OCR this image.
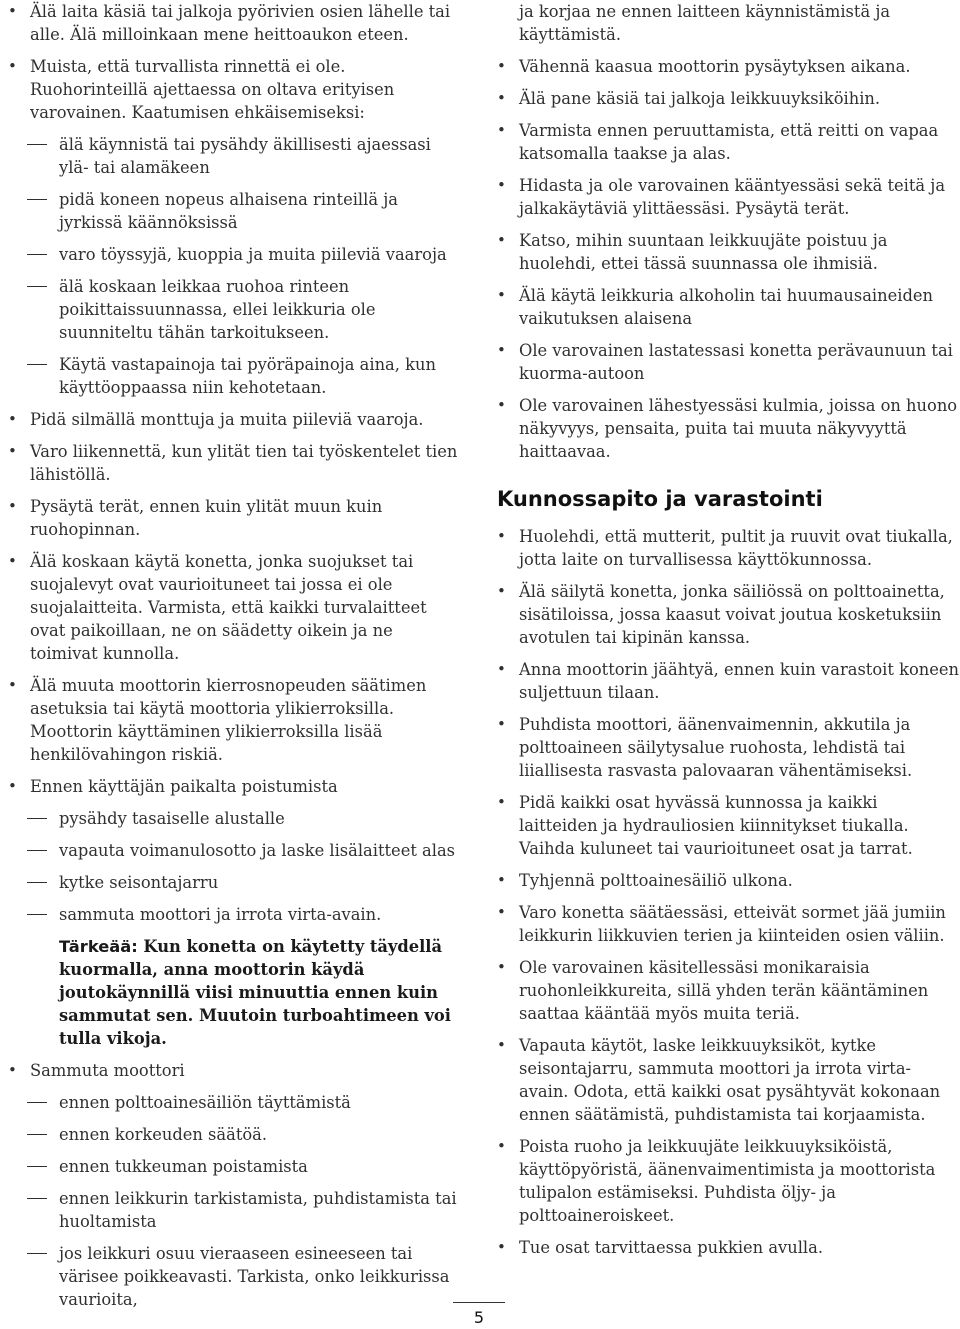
• Älä laita käsiä tai jalkoja pyörivien osien lähelle tai alle. Älä milloinkaan mene heittoaukon eteen.
• Muista, että turvallista rinnettä ei ole. Ruohorinteillä ajettaessa on oltava erityisen varovainen. Kaatumisen ehkäisemiseksi:
älä käynnistä tai pysähdy äkillisesti ajaessasi ylä- tai alamäkeen
pidä koneen nopeus alhaisena rinteillä ja jyrkissä käännöksissä
varo töyssyjä, kuoppia ja muita piileviä vaaroja
älä koskaan leikkaa ruohoa rinteen poikittaissuunnassa, ellei leikkuria ole suunniteltu tähän tarkoitukseen.
Käytä vastapainoja tai pyöräpainoja aina, kun käyttöoppaassa niin kehotetaan.
• Pidä silmällä monttuja ja muita piileviä vaaroja.
• Varo liikennettä, kun ylität tien tai työskentelet tien lähistöllä.
• Pysäytä terät, ennen kuin ylität muun kuin ruohopinnan.
• Älä koskaan käytä konetta, jonka suojukset tai suojalevyt ovat vaurioituneet tai jossa ei ole suojalaitteita. Varmista, että kaikki turvalaitteet ovat paikoillaan, ne on säädetty oikein ja ne toimivat kunnolla.
• Älä muuta moottorin kierrosnopeuden säätimen asetuksia tai käytä moottoria ylikierroksilla. Moottorin käyttäminen ylikierroksilla lisää henkilövahingon riskiä.
• Ennen käyttäjän paikalta poistumista
pysähdy tasaiselle alustalle
vapauta voimanulosotto ja laske lisälaitteet alas
kytke seisontajarru
sammuta moottori ja irrota virta-avain.
Tärkeää: Kun konetta on käytetty täydellä kuormalla, anna moottorin käydä joutokäynnillä viisi minuuttia ennen kuin sammutat sen. Muutoin turboahtimeen voi tulla vikoja.
• Sammuta moottori
ennen polttoainesäiliön täyttämistä
ennen korkeuden säätöä.
ennen tukkeuman poistamista
ennen leikkurin tarkistamista, puhdistamista tai huoltamista
jos leikkuri osuu vieraaseen esineeseen tai värisee poikkeavasti. Tarkista, onko leikkurissa vaurioita,
ja korjaa ne ennen laitteen käynnistämistä ja käyttämistä.
• Vähennä kaasua moottorin pysäytyksen aikana.
• Älä pane käsiä tai jalkoja leikkuuyksiköihin.
• Varmista ennen peruuttamista, että reitti on vapaa katsomalla taakse ja alas.
• Hidasta ja ole varovainen kääntyessäsi sekä teitä ja jalkakäytäviä ylittäessäsi. Pysäytä terät.
• Katso, mihin suuntaan leikkuujäte poistuu ja huolehdi, ettei tässä suunnassa ole ihmisiä.
• Älä käytä leikkuria alkoholin tai huumausaineiden vaikutuksen alaisena
• Ole varovainen lastatessasi konetta perävaunuun tai kuorma-autoon
• Ole varovainen lähestyessäsi kulmia, joissa on huono näkyvyys, pensaita, puita tai muuta näkyvyyttä haittaavaa.
Kunnossapito ja varastointi
• Huolehdi, että mutterit, pultit ja ruuvit ovat tiukalla, jotta laite on turvallisessa käyttökunnossa.
• Älä säilytä konetta, jonka säiliössä on polttoainetta, sisätiloissa, jossa kaasut voivat joutua kosketuksiin avotulen tai kipinän kanssa.
• Anna moottorin jäähtyä, ennen kuin varastoit koneen suljettuun tilaan.
• Puhdista moottori, äänenvaimennin, akkutila ja polttoaineen säilytysalue ruohosta, lehdistä tai liiallisesta rasvasta palovaaran vähentämiseksi.
• Pidä kaikki osat hyvässä kunnossa ja kaikki laitteiden ja hydrauliosien kiinnitykset tiukalla. Vaihda kuluneet tai vaurioituneet osat ja tarrat.
• Tyhjennä polttoainesäiliö ulkona.
• Varo konetta säätäessäsi, etteivät sormet jää jumiin leikkurin liikkuvien terien ja kiinteiden osien väliin.
• Ole varovainen käsitellessäsi monikaraisia ruohonleikkureita, sillä yhden terän kääntäminen saattaa kääntää myös muita teriä.
• Vapauta käytöt, laske leikkuuyksiköt, kytke seisontajarru, sammuta moottori ja irrota virta-avain. Odota, että kaikki osat pysähtyvät kokonaan ennen säätämistä, puhdistamista tai korjaamista.
• Poista ruoho ja leikkuujäte leikkuuyksiköistä, käyttöpyöristä, äänenvaimentimista ja moottorista tulipalon estämiseksi. Puhdista öljy- ja polttoaineroiskeet.
• Tue osat tarvittaessa pukkien avulla.
5
